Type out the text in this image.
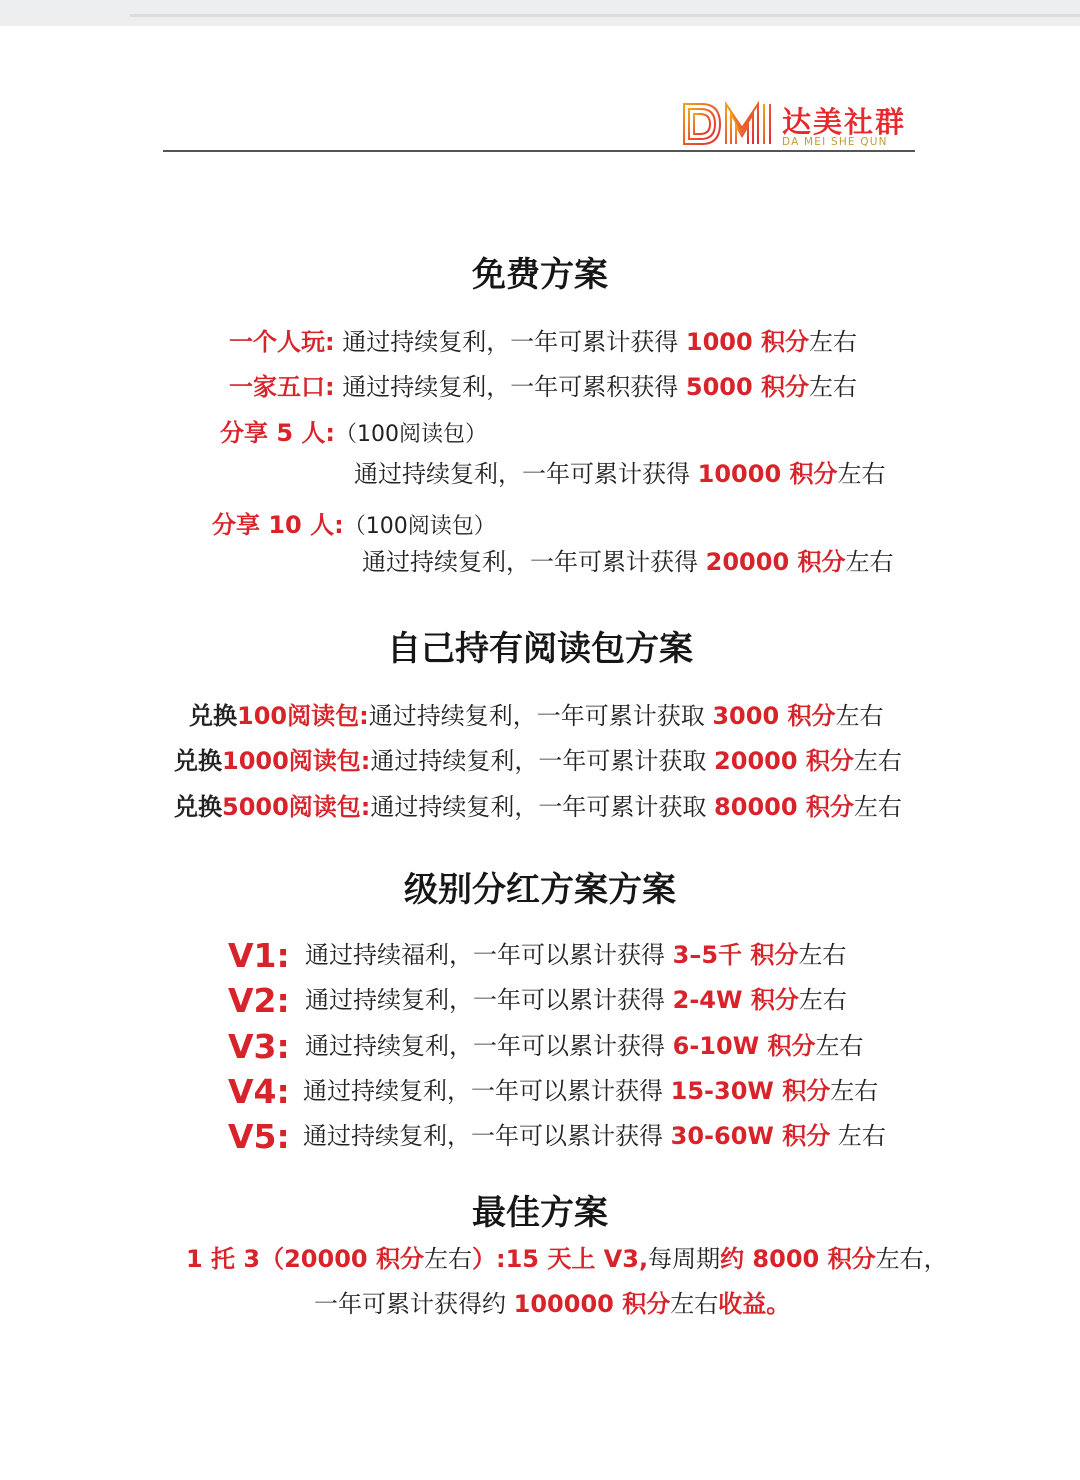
达美社群
DA MEI SHE QUN
免费方案
一个人玩: 通过持续复利，一年可累计获得 1000 积分左右
一家五口: 通过持续复利，一年可累积获得 5000 积分左右
分享 5 人:（100阅读包）
通过持续复利，一年可累计获得 10000 积分左右
分享 10 人:（100阅读包）
通过持续复利，一年可累计获得 20000 积分左右
自己持有阅读包方案
兑换100阅读包:通过持续复利，一年可累计获取 3000 积分左右
兑换1000阅读包:通过持续复利，一年可累计获取 20000 积分左右
兑换5000阅读包:通过持续复利，一年可累计获取 80000 积分左右
级别分红方案方案
V1: 通过持续福利，一年可以累计获得 3–5千 积分左右
V2: 通过持续复利，一年可以累计获得 2-4W 积分左右
V3: 通过持续复利，一年可以累计获得 6-10W 积分左右
V4: 通过持续复利，一年可以累计获得 15-30W 积分左右
V5: 通过持续复利，一年可以累计获得 30-60W 积分 左右
最佳方案
1 托 3（20000 积分左右）:15 天上 V3,每周期约 8000 积分左右，
一年可累计获得约 100000 积分左右收益。
